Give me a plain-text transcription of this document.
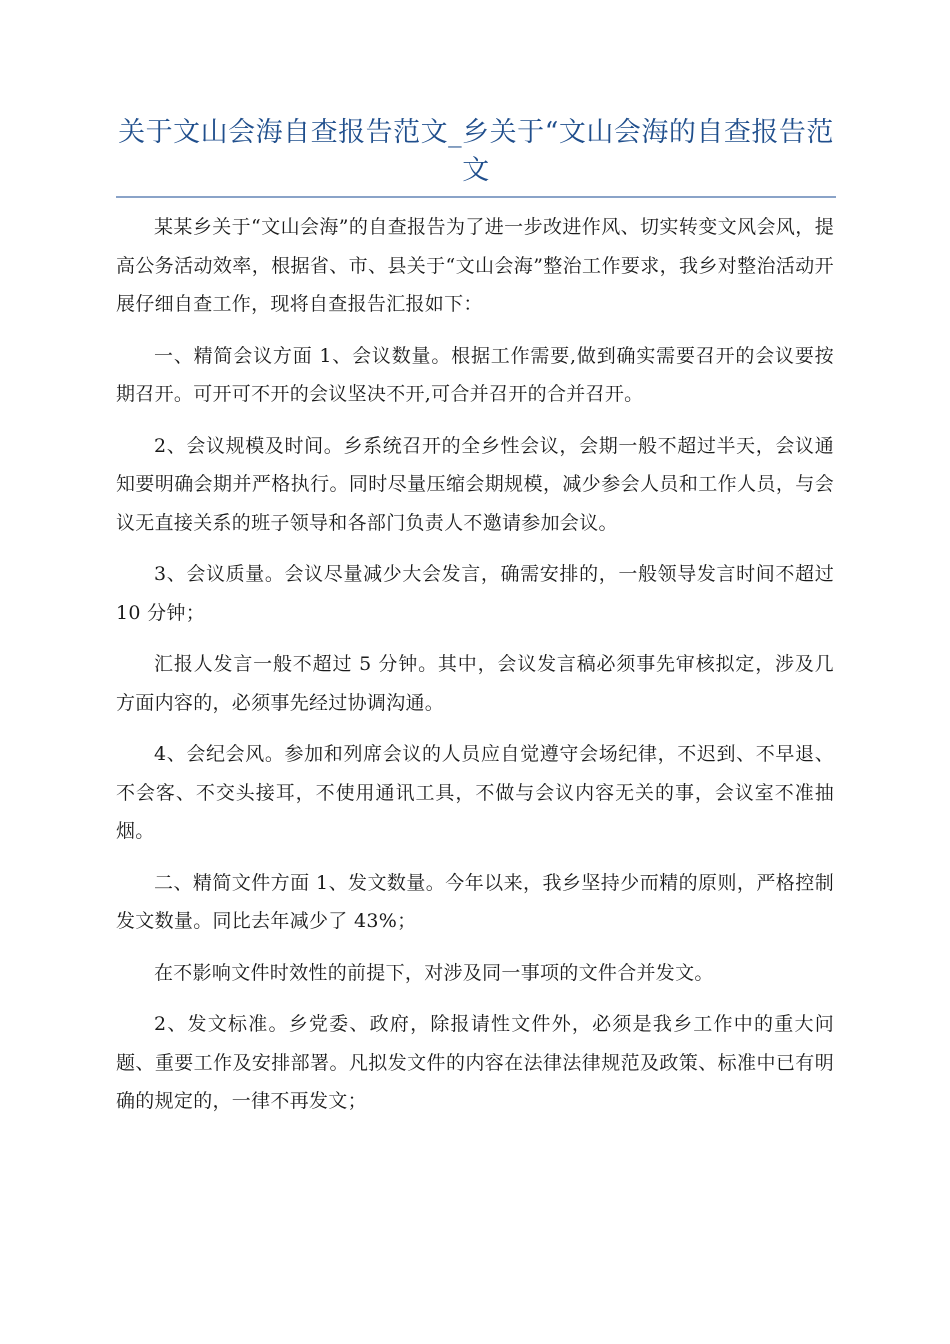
关于文山会海自查报告范文_乡关于“文山会海的自查报告范文

某某乡关于“文山会海”的自查报告为了进一步改进作风、切实转变文风会风，提高公务活动效率，根据省、市、县关于“文山会海”整治工作要求，我乡对整治活动开展仔细自查工作，现将自查报告汇报如下：

一、精简会议方面 1、会议数量。根据工作需要,做到确实需要召开的会议要按期召开。可开可不开的会议坚决不开,可合并召开的合并召开。

2、会议规模及时间。乡系统召开的全乡性会议，会期一般不超过半天，会议通知要明确会期并严格执行。同时尽量压缩会期规模，减少参会人员和工作人员，与会议无直接关系的班子领导和各部门负责人不邀请参加会议。

3、会议质量。会议尽量减少大会发言，确需安排的，一般领导发言时间不超过 10 分钟；

汇报人发言一般不超过 5 分钟。其中，会议发言稿必须事先审核拟定，涉及几方面内容的，必须事先经过协调沟通。

4、会纪会风。参加和列席会议的人员应自觉遵守会场纪律，不迟到、不早退、不会客、不交头接耳，不使用通讯工具，不做与会议内容无关的事，会议室不准抽烟。

二、精简文件方面 1、发文数量。今年以来，我乡坚持少而精的原则，严格控制发文数量。同比去年减少了 43%；

在不影响文件时效性的前提下，对涉及同一事项的文件合并发文。

2、发文标准。乡党委、政府，除报请性文件外，必须是我乡工作中的重大问题、重要工作及安排部署。凡拟发文件的内容在法律法律规范及政策、标准中已有明确的规定的，一律不再发文；
